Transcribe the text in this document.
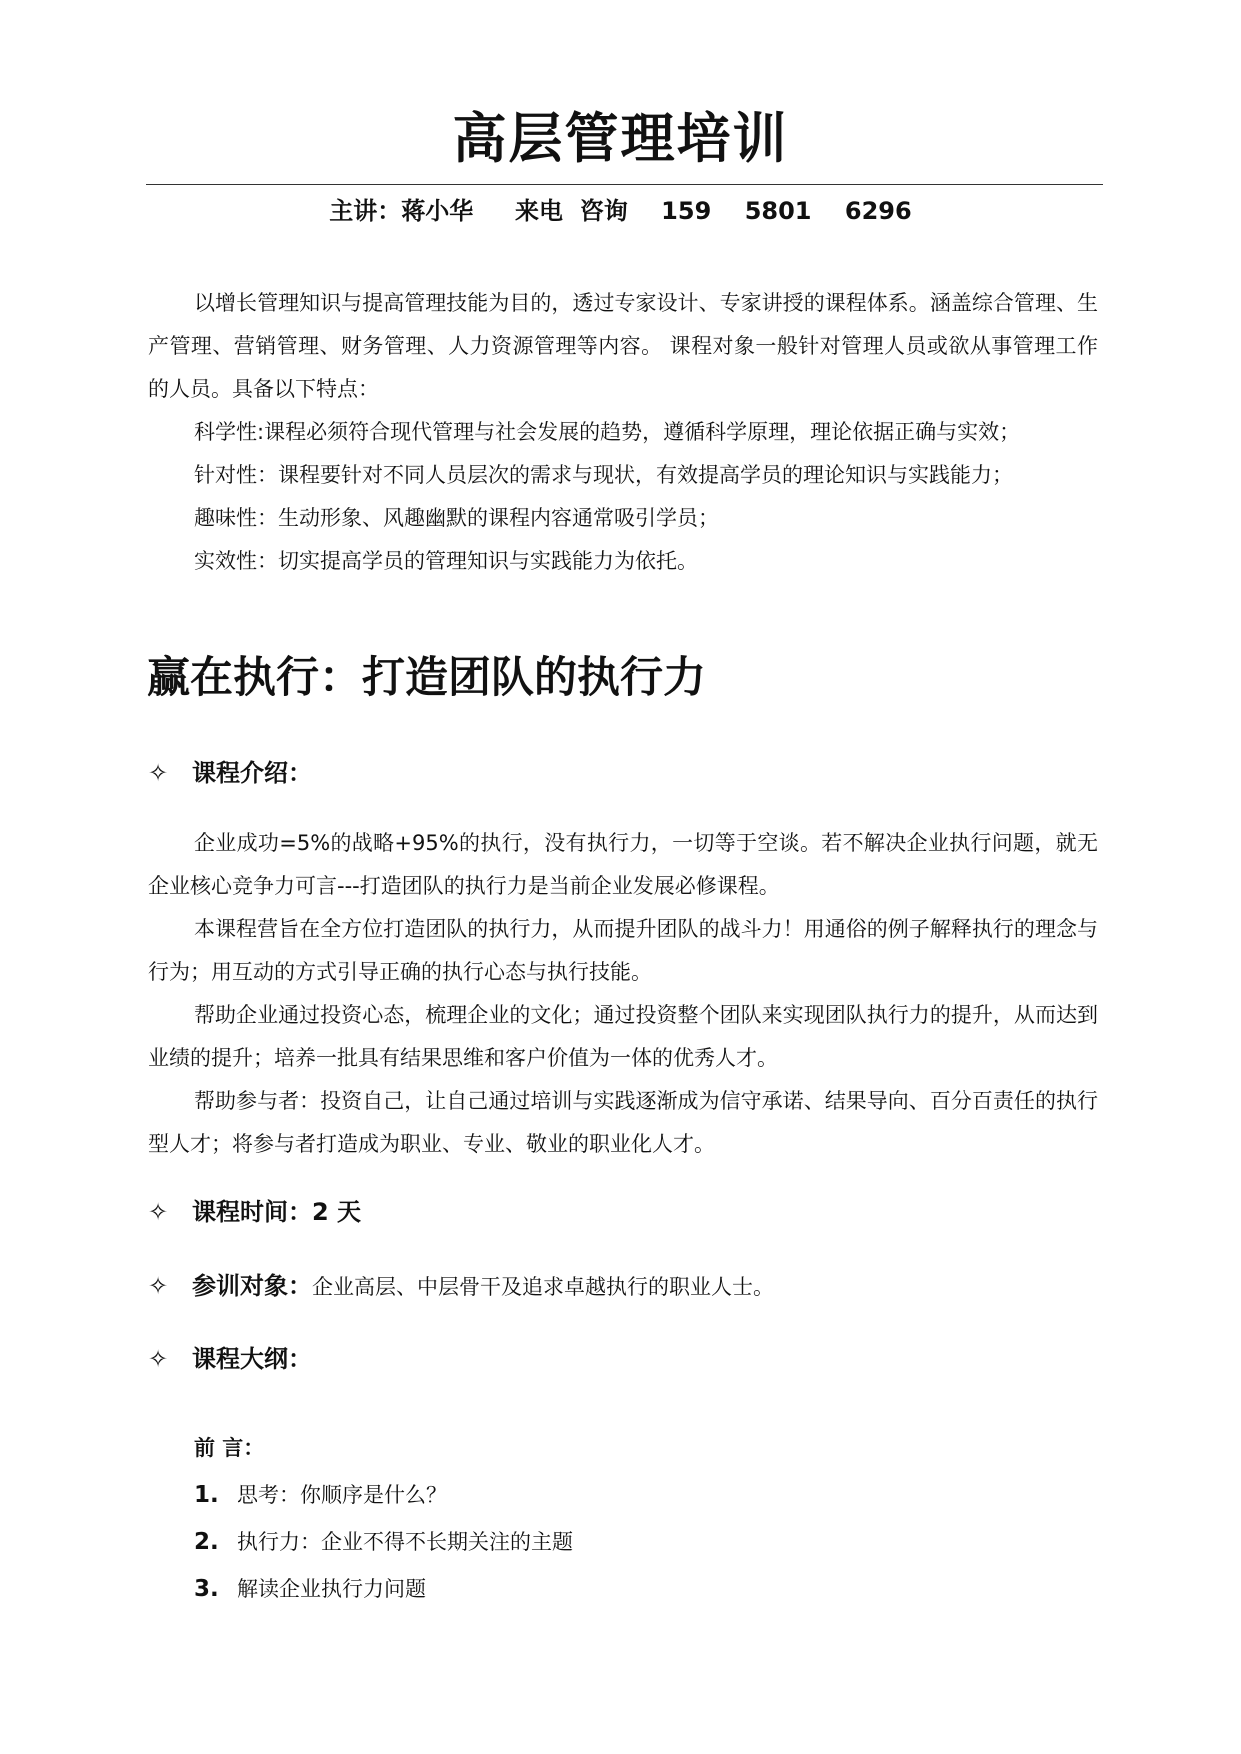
高层管理培训
主讲：蒋小华     来电  咨询    159    5801    6296
以增长管理知识与提高管理技能为目的，透过专家设计、专家讲授的课程体系。涵盖综合管理、生产管理、营销管理、财务管理、人力资源管理等内容。 课程对象一般针对管理人员或欲从事管理工作的人员。具备以下特点：
科学性:课程必须符合现代管理与社会发展的趋势，遵循科学原理，理论依据正确与实效；
针对性：课程要针对不同人员层次的需求与现状，有效提高学员的理论知识与实践能力；
趣味性：生动形象、风趣幽默的课程内容通常吸引学员；
实效性：切实提高学员的管理知识与实践能力为依托。
赢在执行：打造团队的执行力
✧ 课程介绍：
企业成功=5%的战略+95%的执行，没有执行力，一切等于空谈。若不解决企业执行问题，就无企业核心竞争力可言---打造团队的执行力是当前企业发展必修课程。
本课程营旨在全方位打造团队的执行力，从而提升团队的战斗力！用通俗的例子解释执行的理念与行为；用互动的方式引导正确的执行心态与执行技能。
帮助企业通过投资心态，梳理企业的文化；通过投资整个团队来实现团队执行力的提升，从而达到业绩的提升；培养一批具有结果思维和客户价值为一体的优秀人才。
帮助参与者：投资自己，让自己通过培训与实践逐渐成为信守承诺、结果导向、百分百责任的执行型人才；将参与者打造成为职业、专业、敬业的职业化人才。
✧ 课程时间：2 天
✧ 参训对象：企业高层、中层骨干及追求卓越执行的职业人士。
✧ 课程大纲：
前 言：
1. 思考：你顺序是什么？
2. 执行力：企业不得不长期关注的主题
3. 解读企业执行力问题
